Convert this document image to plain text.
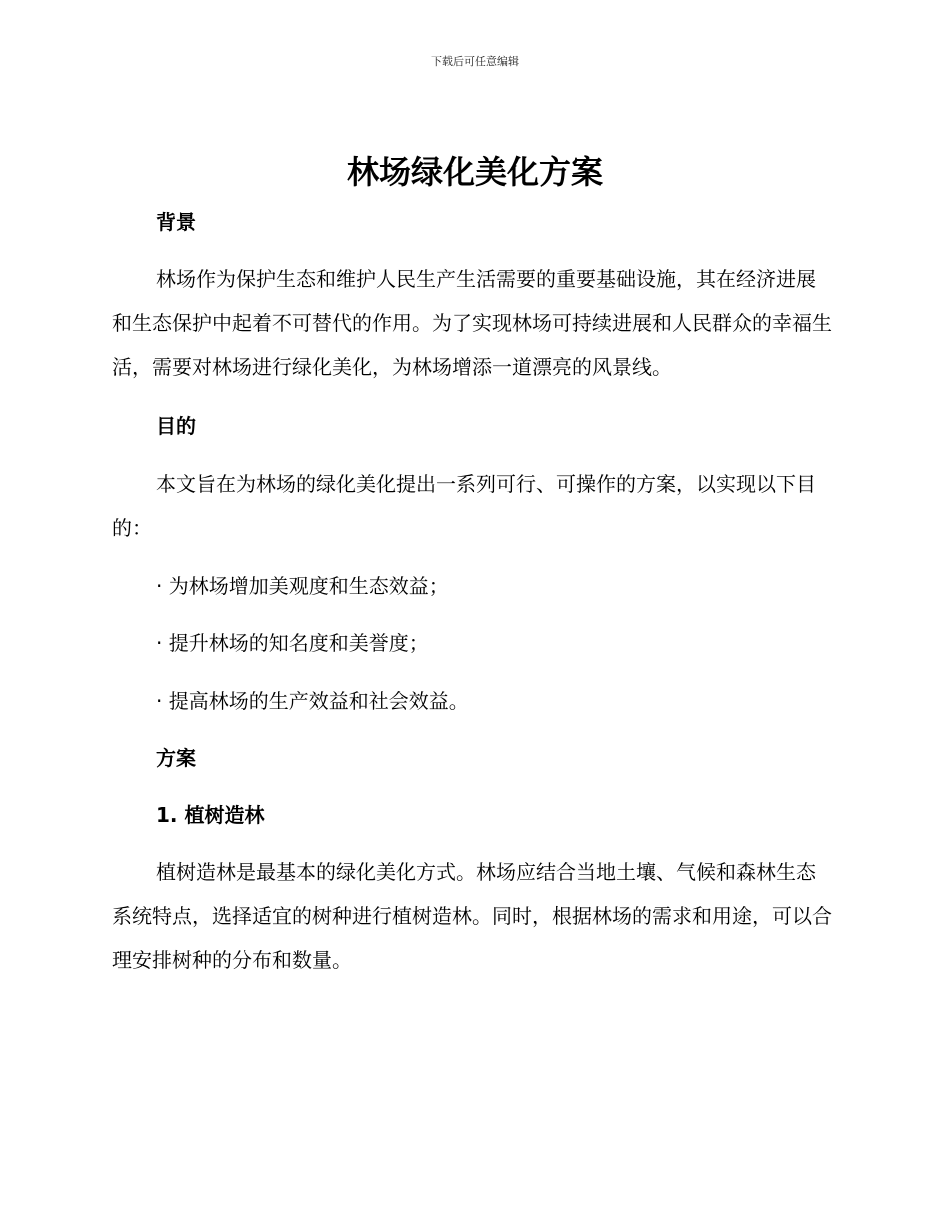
下载后可任意编辑
林场绿化美化方案

背景

林场作为保护生态和维护人民生产生活需要的重要基础设施，其在经济进展和生态保护中起着不可替代的作用。为了实现林场可持续进展和人民群众的幸福生活，需要对林场进行绿化美化，为林场增添一道漂亮的风景线。

目的

本文旨在为林场的绿化美化提出一系列可行、可操作的方案，以实现以下目的：

· 为林场增加美观度和生态效益；

· 提升林场的知名度和美誉度；

· 提高林场的生产效益和社会效益。

方案

1. 植树造林

植树造林是最基本的绿化美化方式。林场应结合当地土壤、气候和森林生态系统特点，选择适宜的树种进行植树造林。同时，根据林场的需求和用途，可以合理安排树种的分布和数量。
